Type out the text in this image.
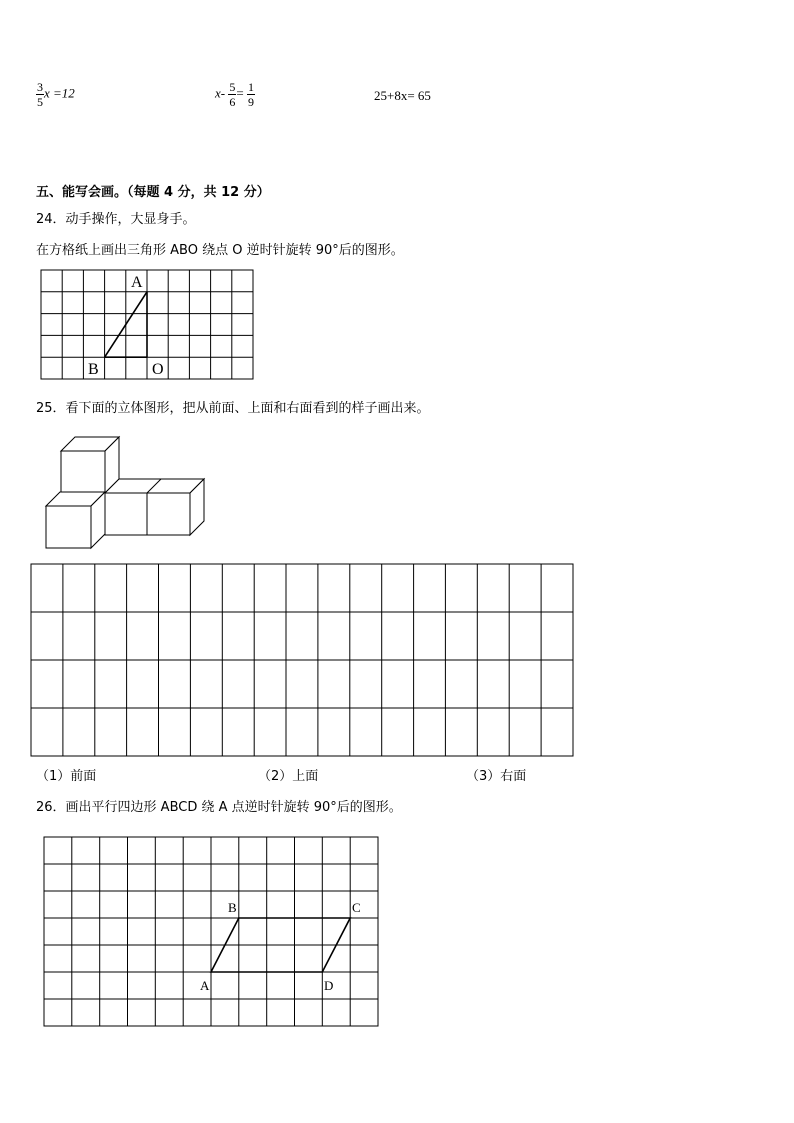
$\frac{3}{5}$ x =12	$x- \frac{5}{6} = \frac{1}{9}$	25+8x= 65
五、能写会画。（每题 4 分，共 12 分）
24．动手操作，大显身手。
在方格纸上画出三角形 ABO 绕点 O 逆时针旋转 90°后的图形。
A
B	O
25．看下面的立体图形，把从前面、上面和右面看到的样子画出来。
（1）前面	（2）上面	（3）右面
26．画出平行四边形 ABCD 绕 A 点逆时针旋转 90°后的图形。
B	C
A	D
